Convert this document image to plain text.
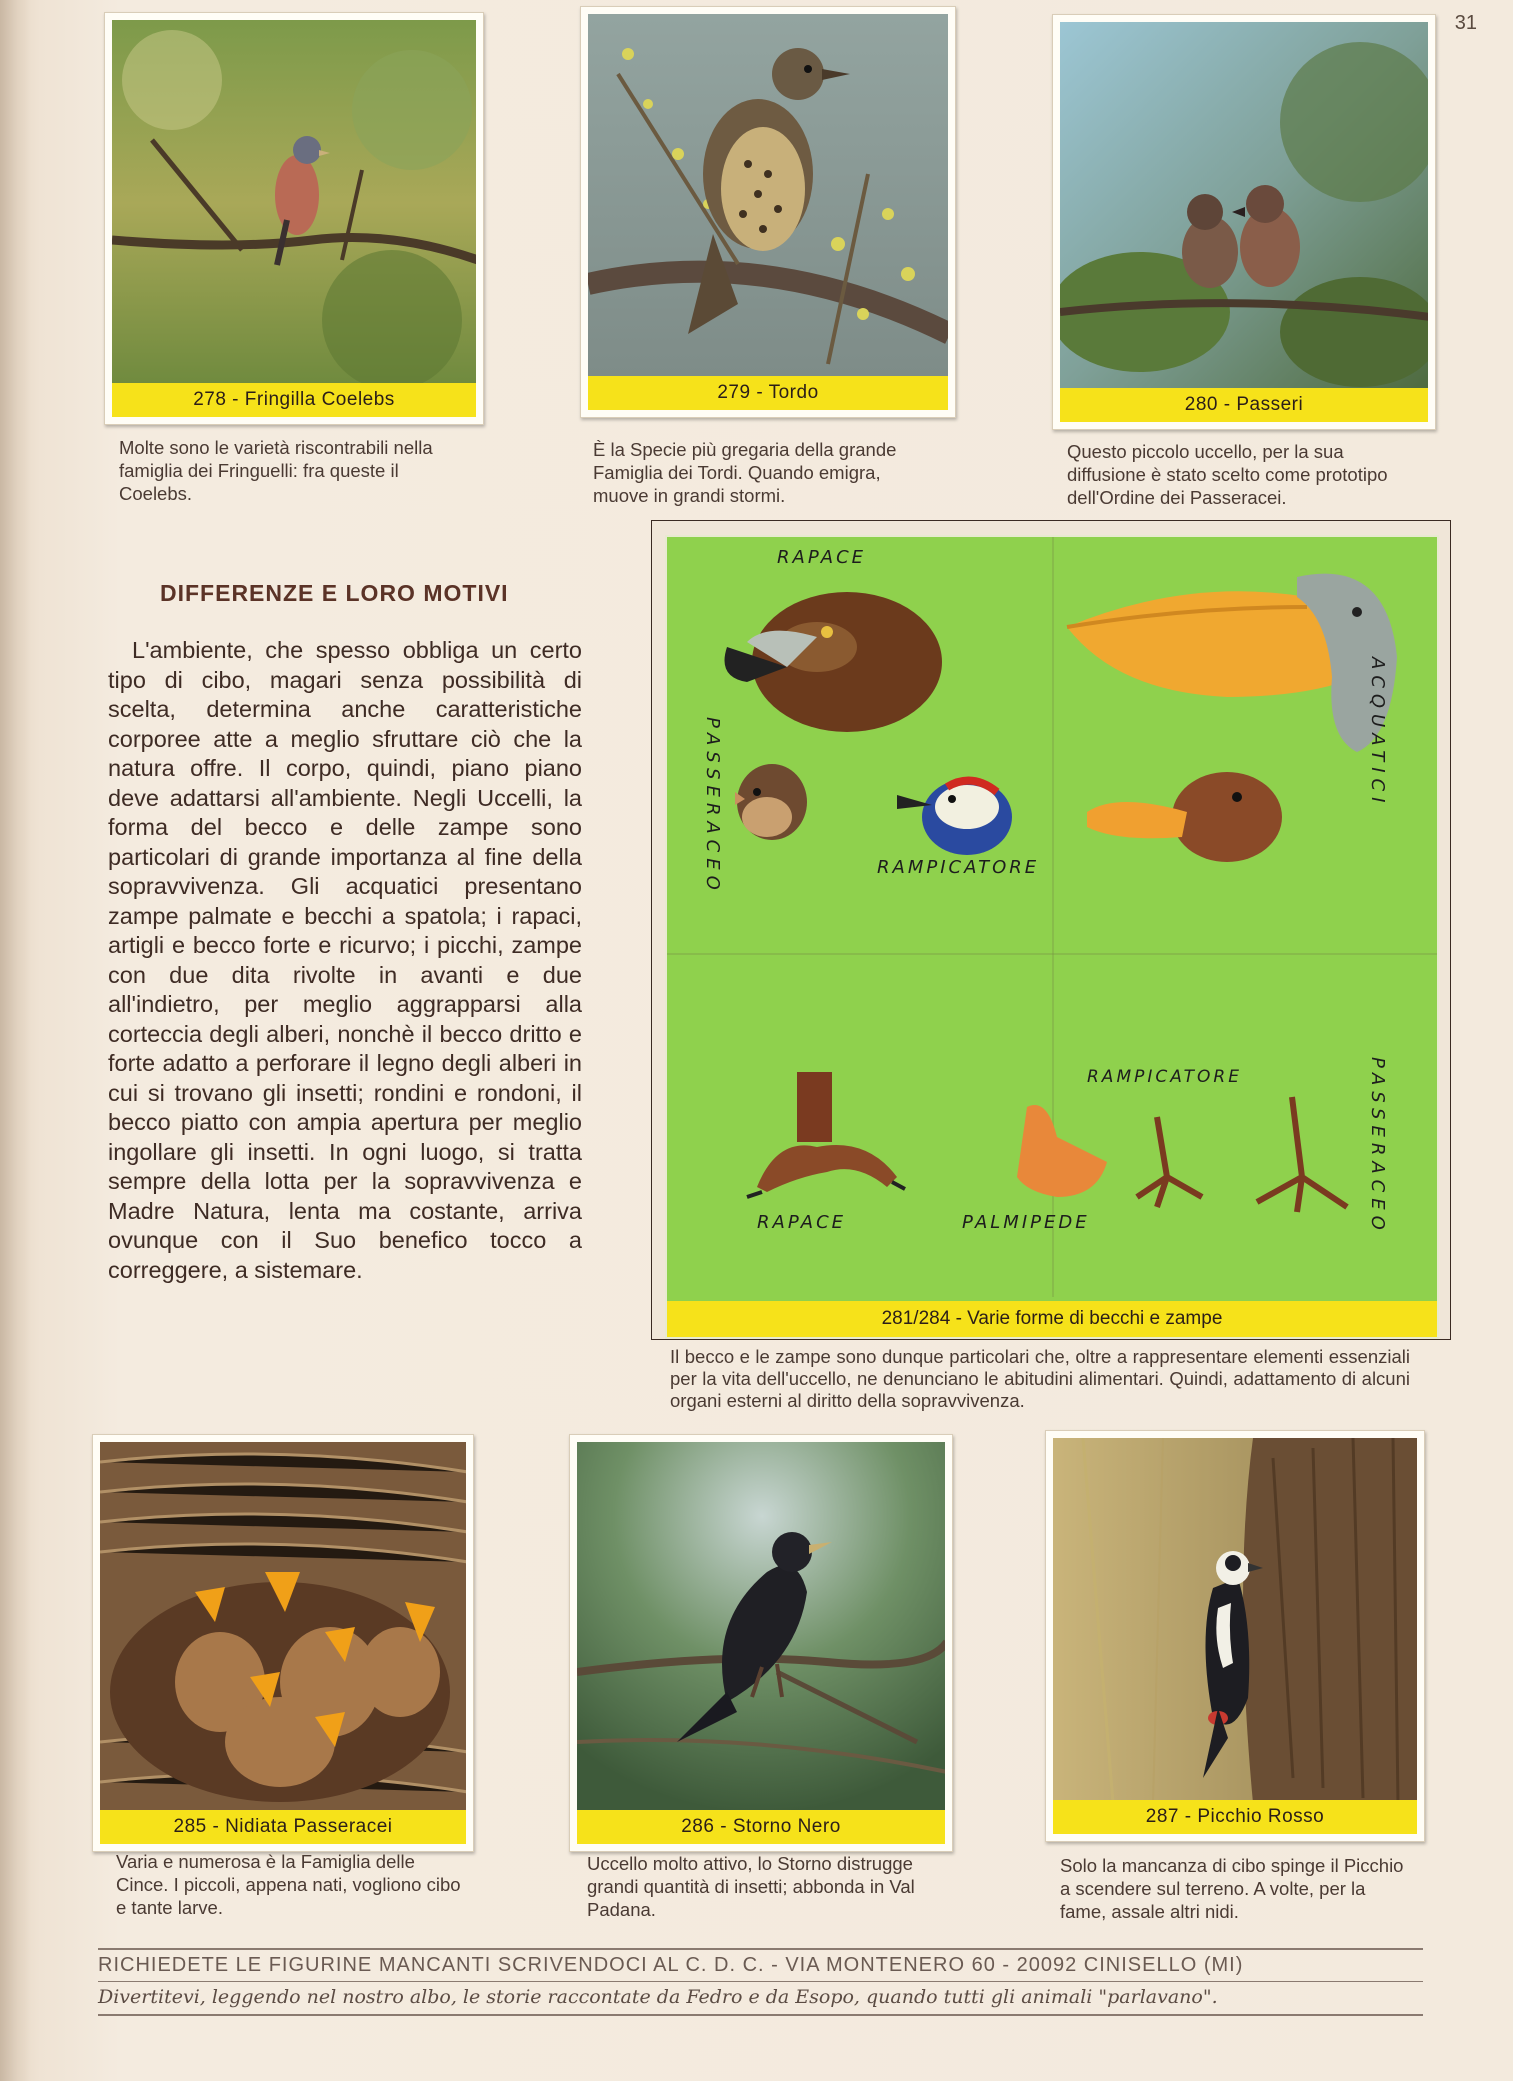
31
278 - Fringilla Coelebs
Molte sono le varietà riscontrabili nella famiglia dei Fringuelli: fra queste il Coelebs.
279 - Tordo
È la Specie più gregaria della grande Famiglia dei Tordi. Quando emigra, muove in grandi stormi.
280 - Passeri
Questo piccolo uccello, per la sua diffusione è stato scelto come prototipo dell'Ordine dei Passeracei.
DIFFERENZE E LORO MOTIVI
L'ambiente, che spesso obbliga un certo tipo di cibo, magari senza possibilità di scelta, determina anche caratteristiche corporee atte a meglio sfruttare ciò che la natura offre. Il corpo, quindi, piano piano deve adattarsi all'ambiente. Negli Uccelli, la forma del becco e delle zampe sono particolari di grande importanza al fine della sopravvivenza. Gli acquatici presentano zampe palmate e becchi a spatola; i rapaci, artigli e becco forte e ricurvo; i picchi, zampe con due dita rivolte in avanti e due all'indietro, per meglio aggrapparsi alla corteccia degli alberi, nonchè il becco dritto e forte adatto a perforare il legno degli alberi in cui si trovano gli insetti; rondini e rondoni, il becco piatto con ampia apertura per meglio ingollare gli insetti. In ogni luogo, si tratta sempre della lotta per la sopravvivenza e Madre Natura, lenta ma costante, arriva ovunque con il Suo benefico tocco a correggere, a sistemare.
RAPACE
ACQUATICI
PASSERACEO	RAMPICATORE
RAMPICATORE	PASSERACEO
RAPACE	PALMIPEDE
281/284 - Varie forme di becchi e zampe
Il becco e le zampe sono dunque particolari che, oltre a rappresentare elementi essenziali per la vita dell'uccello, ne denunciano le abitudini alimentari. Quindi, adattamento di alcuni organi esterni al diritto della sopravvivenza.
285 - Nidiata Passeracei
Varia e numerosa è la Famiglia delle Cince. I piccoli, appena nati, vogliono cibo e tante larve.
286 - Storno Nero
Uccello molto attivo, lo Storno distrugge grandi quantità di insetti; abbonda in Val Padana.
287 - Picchio Rosso
Solo la mancanza di cibo spinge il Picchio a scendere sul terreno. A volte, per la fame, assale altri nidi.
RICHIEDETE LE FIGURINE MANCANTI SCRIVENDOCI AL C. D. C. - VIA MONTENERO 60 - 20092 CINISELLO (MI)
Divertitevi, leggendo nel nostro albo, le storie raccontate da Fedro e da Esopo, quando tutti gli animali "parlavano".
